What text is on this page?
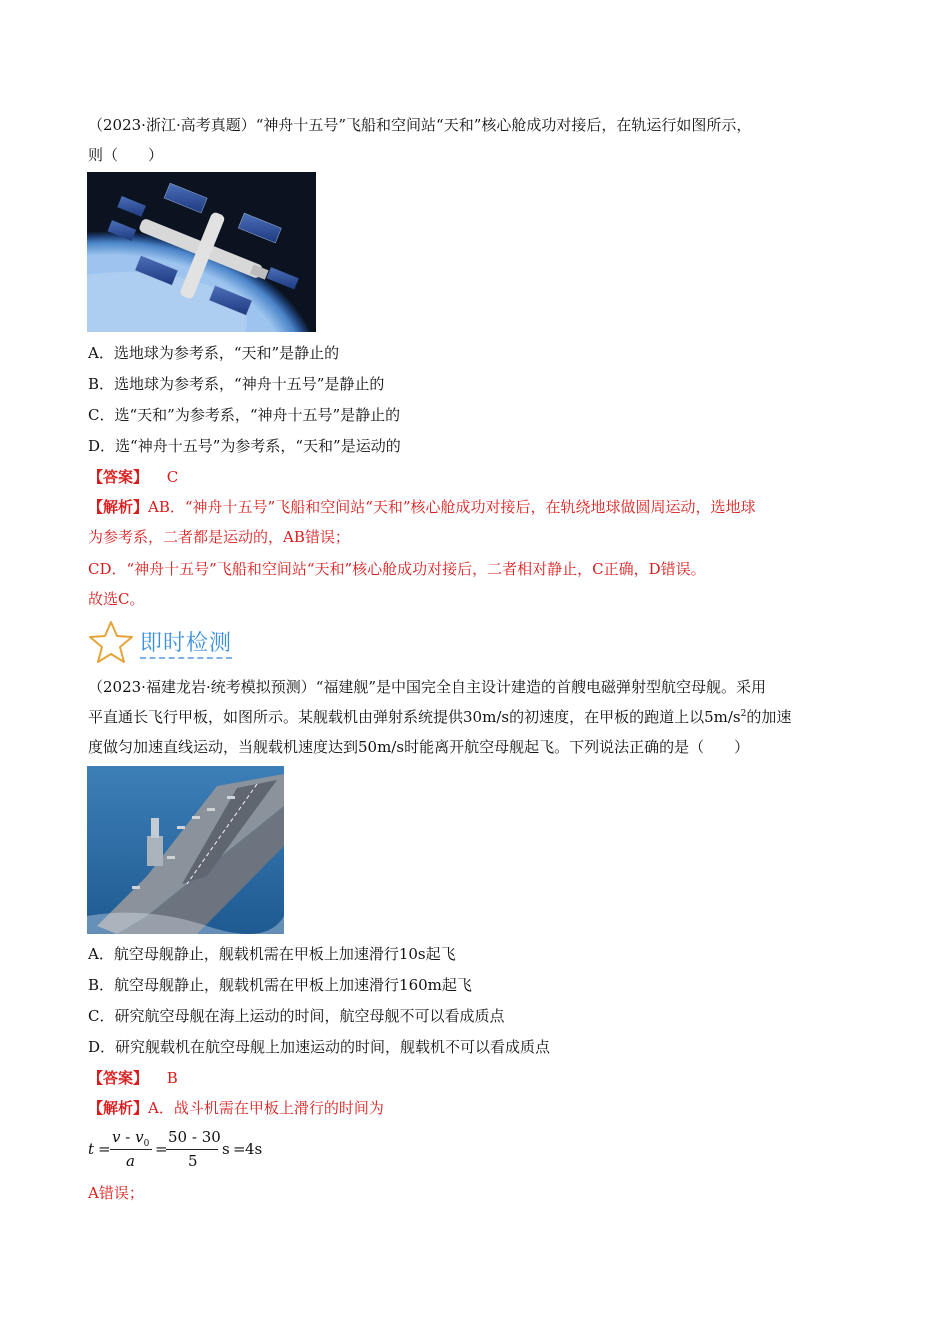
（2023·浙江·高考真题）“神舟十五号”飞船和空间站“天和”核心舱成功对接后，在轨运行如图所示，
则（　　）
A．选地球为参考系，“天和”是静止的
B．选地球为参考系，“神舟十五号”是静止的
C．选“天和”为参考系，“神舟十五号”是静止的
D．选“神舟十五号”为参考系，“天和”是运动的
【答案】 C
【解析】AB．“神舟十五号”飞船和空间站“天和”核心舱成功对接后，在轨绕地球做圆周运动，选地球
为参考系，二者都是运动的，AB错误；
CD．“神舟十五号”飞船和空间站“天和”核心舱成功对接后，二者相对静止，C正确，D错误。
故选C。
即时检测
（2023·福建龙岩·统考模拟预测）“福建舰”是中国完全自主设计建造的首艘电磁弹射型航空母舰。采用
平直通长飞行甲板，如图所示。某舰载机由弹射系统提供30m/s的初速度，在甲板的跑道上以$5m/s^2$的加速
度做匀加速直线运动，当舰载机速度达到50m/s时能离开航空母舰起飞。下列说法正确的是（　　）
A．航空母舰静止，舰载机需在甲板上加速滑行10s起飞
B．航空母舰静止，舰载机需在甲板上加速滑行160m起飞
C．研究航空母舰在海上运动的时间，航空母舰不可以看成质点
D．研究舰载机在航空母舰上加速运动的时间，舰载机不可以看成质点
【答案】 B
【解析】A．战斗机需在甲板上滑行的时间为
t =
v - $v_0$
a
=
50 - 30
5
s = 4s
A错误；
